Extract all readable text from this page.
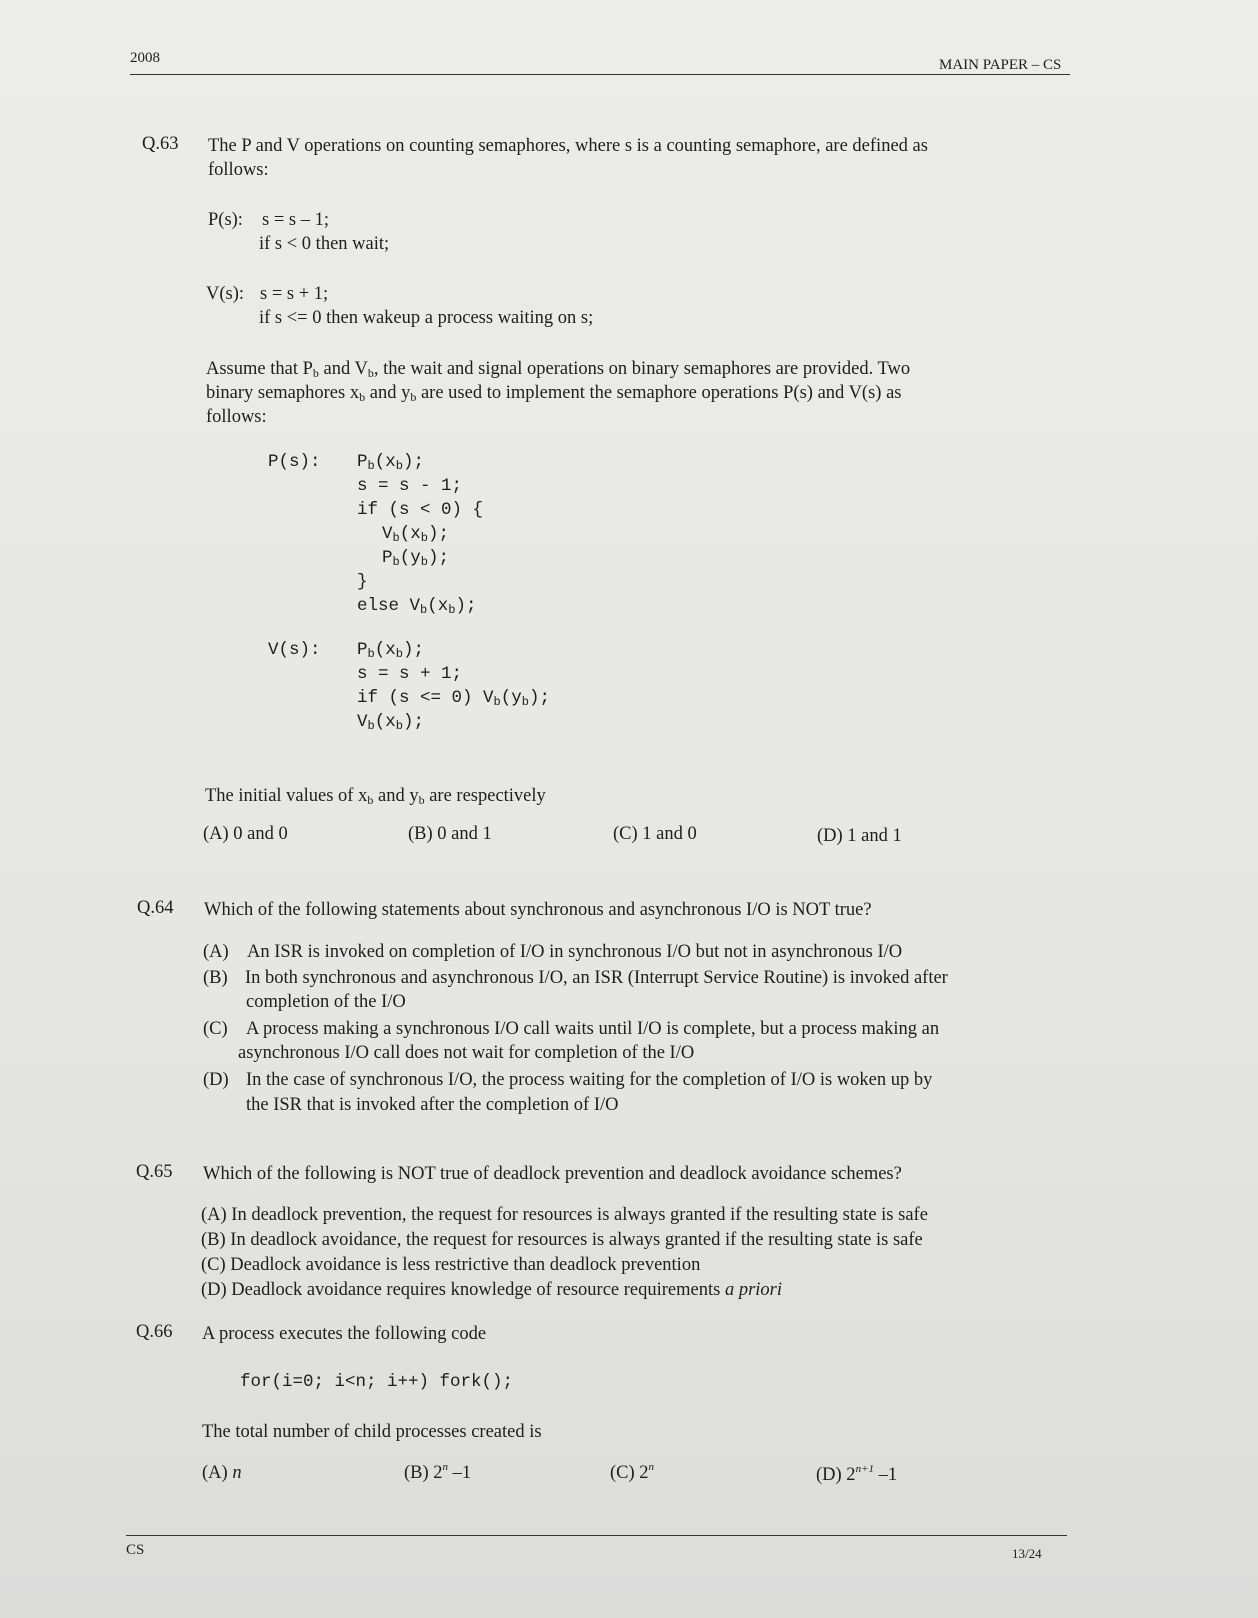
2008	MAIN PAPER – CS
Q.63 The P and V operations on counting semaphores, where s is a counting semaphore, are defined as
follows:
P(s): s = s – 1;
if s < 0 then wait;
V(s): s = s + 1;
if s <= 0 then wakeup a process waiting on s;
Assume that $P_b$ and $V_b$, the wait and signal operations on binary semaphores are provided. Two
binary semaphores $x_b$ and $y_b$ are used to implement the semaphore operations P(s) and V(s) as
follows:
P(s): $P_b(x_b)$;
s = s - 1;
if (s < 0) {
$V_b(x_b)$;
$P_b(y_b)$;
}
else $V_b(x_b)$;
V(s): $P_b(x_b)$;
s = s + 1;
if (s <= 0) $V_b(y_b)$;
$V_b(x_b)$;
The initial values of $x_b$ and $y_b$ are respectively
(A) 0 and 0	(B) 0 and 1	(C) 1 and 0	(D) 1 and 1
Q.64 Which of the following statements about synchronous and asynchronous I/O is NOT true?
(A) An ISR is invoked on completion of I/O in synchronous I/O but not in asynchronous I/O
(B) In both synchronous and asynchronous I/O, an ISR (Interrupt Service Routine) is invoked after
completion of the I/O
(C) A process making a synchronous I/O call waits until I/O is complete, but a process making an
asynchronous I/O call does not wait for completion of the I/O
(D) In the case of synchronous I/O, the process waiting for the completion of I/O is woken up by
the ISR that is invoked after the completion of I/O
Q.65 Which of the following is NOT true of deadlock prevention and deadlock avoidance schemes?
(A) In deadlock prevention, the request for resources is always granted if the resulting state is safe
(B) In deadlock avoidance, the request for resources is always granted if the resulting state is safe
(C) Deadlock avoidance is less restrictive than deadlock prevention
(D) Deadlock avoidance requires knowledge of resource requirements a priori
Q.66 A process executes the following code
for(i=0; i<n; i++) fork();
The total number of child processes created is
(A) n	(B) 2$^n$ –1	(C) 2$^n$	(D) $2^{n+1}$ –1
CS	13/24
